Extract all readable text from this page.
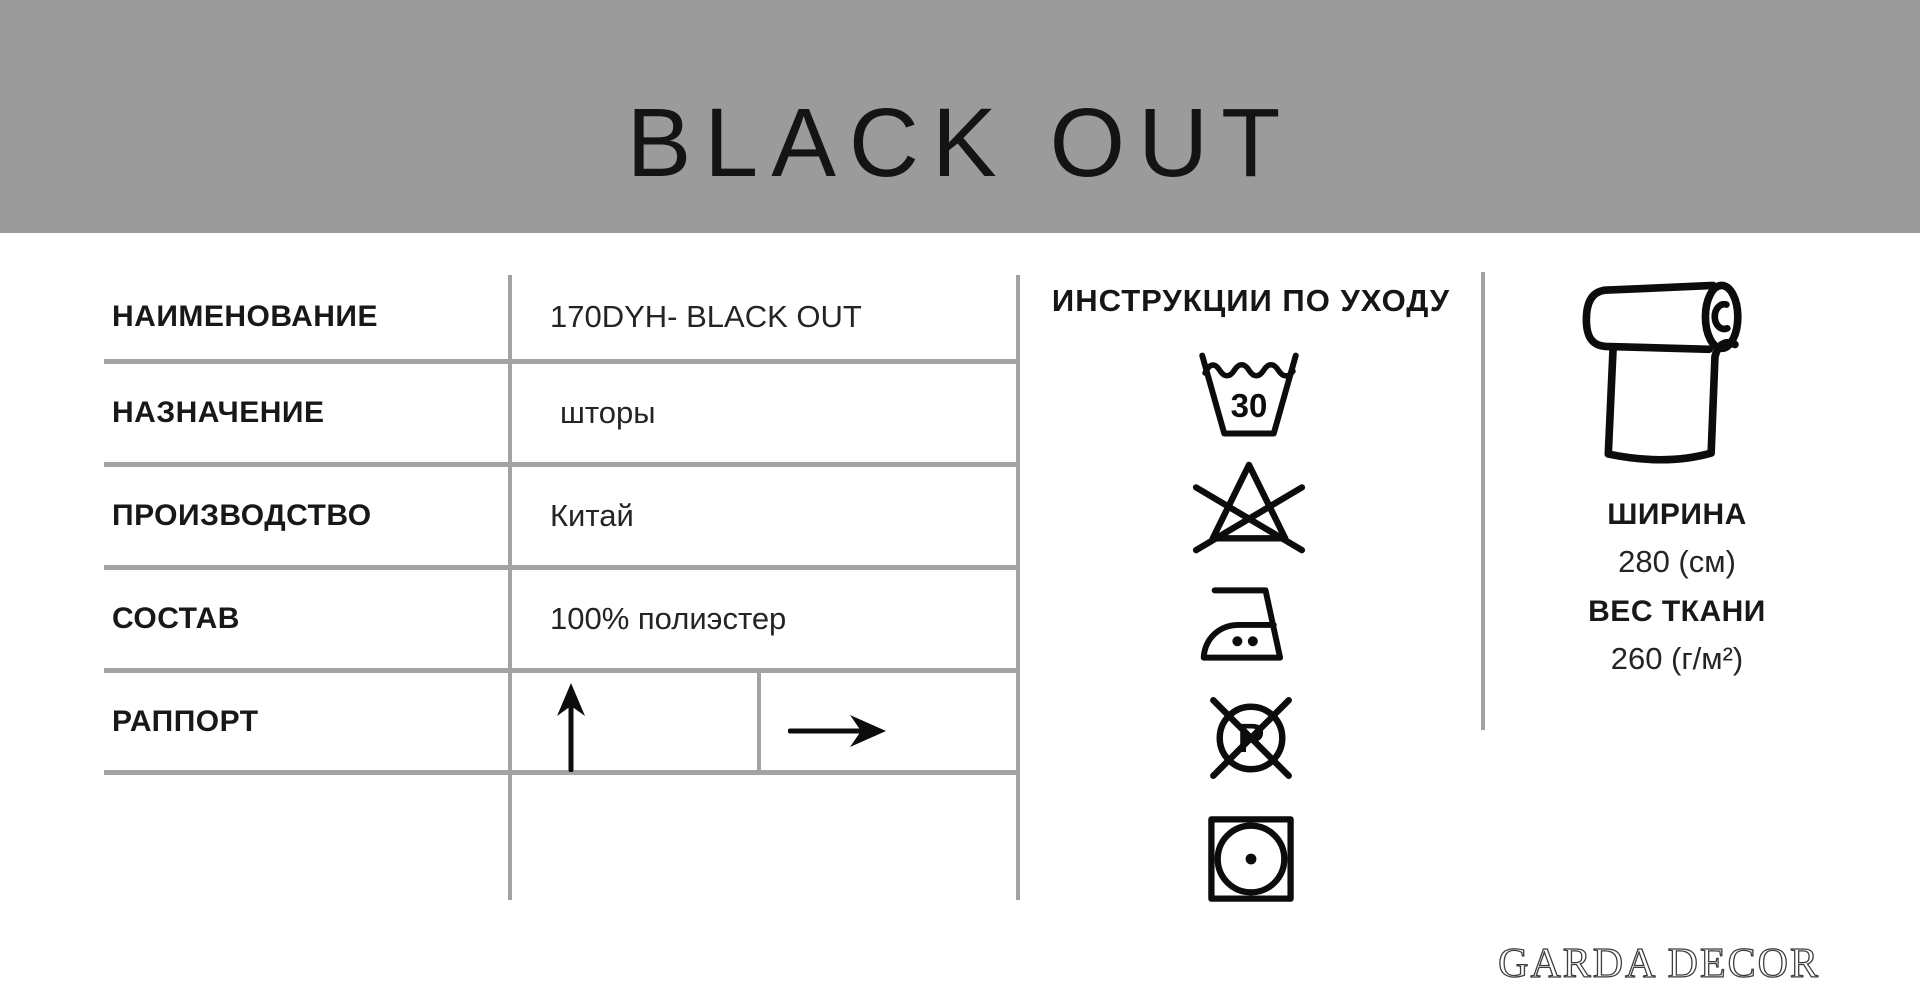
BLACK OUT
НАИМЕНОВАНИЕ	170DYH- BLACK OUT
НАЗНАЧЕНИЕ	шторы
ПРОИЗВОДСТВО	Китай
СОСТАВ	100% полиэстер
РАППОРТ
ИНСТРУКЦИИ ПО УХОДУ
30
P
ШИРИНА
280 (см)
ВЕС ТКАНИ
260 (г/м²)
GARDA DECOR
